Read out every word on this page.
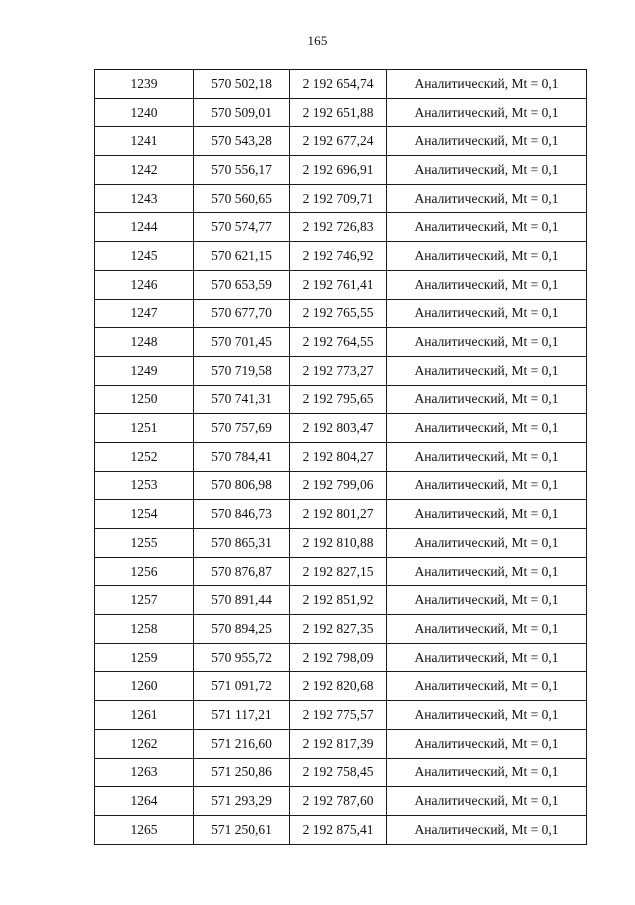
165
1239	570 502,18	2 192 654,74	Аналитический, Mt = 0,1
1240	570 509,01	2 192 651,88	Аналитический, Mt = 0,1
1241	570 543,28	2 192 677,24	Аналитический, Mt = 0,1
1242	570 556,17	2 192 696,91	Аналитический, Mt = 0,1
1243	570 560,65	2 192 709,71	Аналитический, Mt = 0,1
1244	570 574,77	2 192 726,83	Аналитический, Mt = 0,1
1245	570 621,15	2 192 746,92	Аналитический, Mt = 0,1
1246	570 653,59	2 192 761,41	Аналитический, Mt = 0,1
1247	570 677,70	2 192 765,55	Аналитический, Mt = 0,1
1248	570 701,45	2 192 764,55	Аналитический, Mt = 0,1
1249	570 719,58	2 192 773,27	Аналитический, Mt = 0,1
1250	570 741,31	2 192 795,65	Аналитический, Mt = 0,1
1251	570 757,69	2 192 803,47	Аналитический, Mt = 0,1
1252	570 784,41	2 192 804,27	Аналитический, Mt = 0,1
1253	570 806,98	2 192 799,06	Аналитический, Mt = 0,1
1254	570 846,73	2 192 801,27	Аналитический, Mt = 0,1
1255	570 865,31	2 192 810,88	Аналитический, Mt = 0,1
1256	570 876,87	2 192 827,15	Аналитический, Mt = 0,1
1257	570 891,44	2 192 851,92	Аналитический, Mt = 0,1
1258	570 894,25	2 192 827,35	Аналитический, Mt = 0,1
1259	570 955,72	2 192 798,09	Аналитический, Mt = 0,1
1260	571 091,72	2 192 820,68	Аналитический, Mt = 0,1
1261	571 117,21	2 192 775,57	Аналитический, Mt = 0,1
1262	571 216,60	2 192 817,39	Аналитический, Mt = 0,1
1263	571 250,86	2 192 758,45	Аналитический, Mt = 0,1
1264	571 293,29	2 192 787,60	Аналитический, Mt = 0,1
1265	571 250,61	2 192 875,41	Аналитический, Mt = 0,1
